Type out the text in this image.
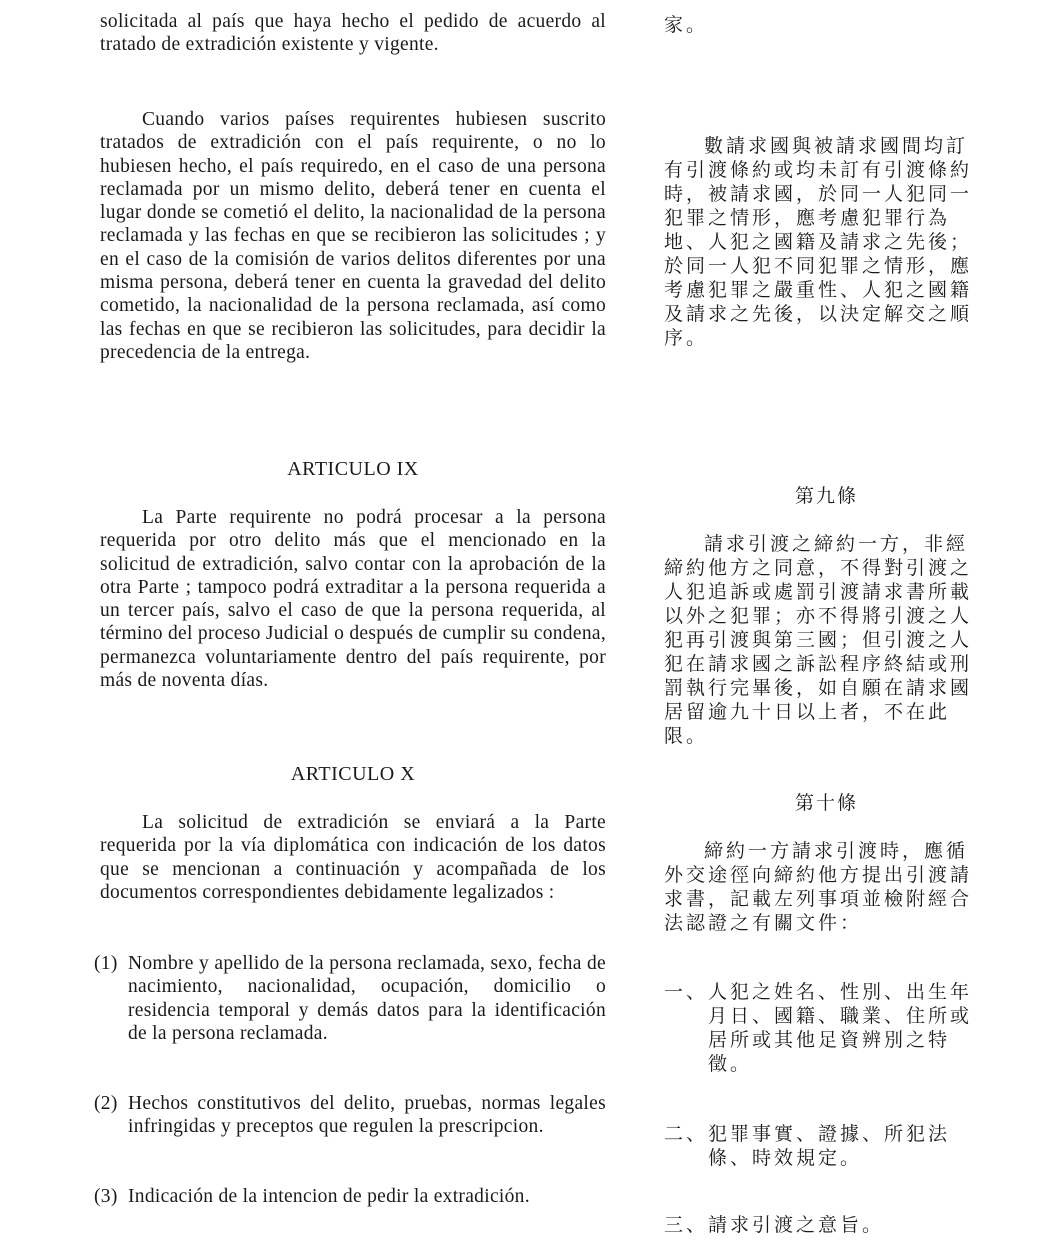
solicitada al país que haya hecho el pedido de acuerdo al tratado de extradición existente y vigente.

Cuando varios países requirentes hubiesen suscrito tratados de extradición con el país requirente, o no lo hubiesen hecho, el país requiredo, en el caso de una persona reclamada por un mismo delito, deberá tener en cuenta el lugar donde se cometió el delito, la nacionalidad de la persona reclamada y las fechas en que se recibieron las solicitudes ; y en el caso de la comisión de varios delitos diferentes por una misma persona, deberá tener en cuenta la gravedad del delito cometido, la nacionalidad de la persona reclamada, así como las fechas en que se recibieron las solicitudes, para decidir la precedencia de la entrega.

ARTICULO IX

La Parte requirente no podrá procesar a la persona requerida por otro delito más que el mencionado en la solicitud de extradición, salvo contar con la aprobación de la otra Parte ; tampoco podrá extraditar a la persona requerida a un tercer país, salvo el caso de que la persona requerida, al término del proceso Judicial o después de cumplir su condena, permanezca voluntariamente dentro del país requirente, por más de noventa días.

ARTICULO X

La solicitud de extradición se enviará a la Parte requerida por la vía diplomática con indicación de los datos que se mencionan a continuación y acompañada de los documentos correspondientes debidamente legalizados :

(1) Nombre y apellido de la persona reclamada, sexo, fecha de nacimiento, nacionalidad, ocupación, domicilio o residencia temporal y demás datos para la identificación de la persona reclamada.
(2) Hechos constitutivos del delito, pruebas, normas legales infringidas y preceptos que regulen la prescripcion.
(3) Indicación de la intencion de pedir la extradición.

家。

數請求國與被請求國間均訂有引渡條約或均未訂有引渡條約時，被請求國，於同一人犯同一犯罪之情形，應考慮犯罪行為地、人犯之國籍及請求之先後；於同一人犯不同犯罪之情形，應考慮犯罪之嚴重性、人犯之國籍及請求之先後，以決定解交之順序。

第九條

請求引渡之締約一方，非經締約他方之同意，不得對引渡之人犯追訴或處罰引渡請求書所載以外之犯罪；亦不得將引渡之人犯再引渡與第三國；但引渡之人犯在請求國之訴訟程序終結或刑罰執行完畢後，如自願在請求國居留逾九十日以上者，不在此限。

第十條

締約一方請求引渡時，應循外交途徑向締約他方提出引渡請求書，記載左列事項並檢附經合法認證之有關文件：

一、 人犯之姓名、性別、出生年月日、國籍、職業、住所或居所或其他足資辨別之特徵。
二、 犯罪事實、證據、所犯法條、時效規定。
三、 請求引渡之意旨。
